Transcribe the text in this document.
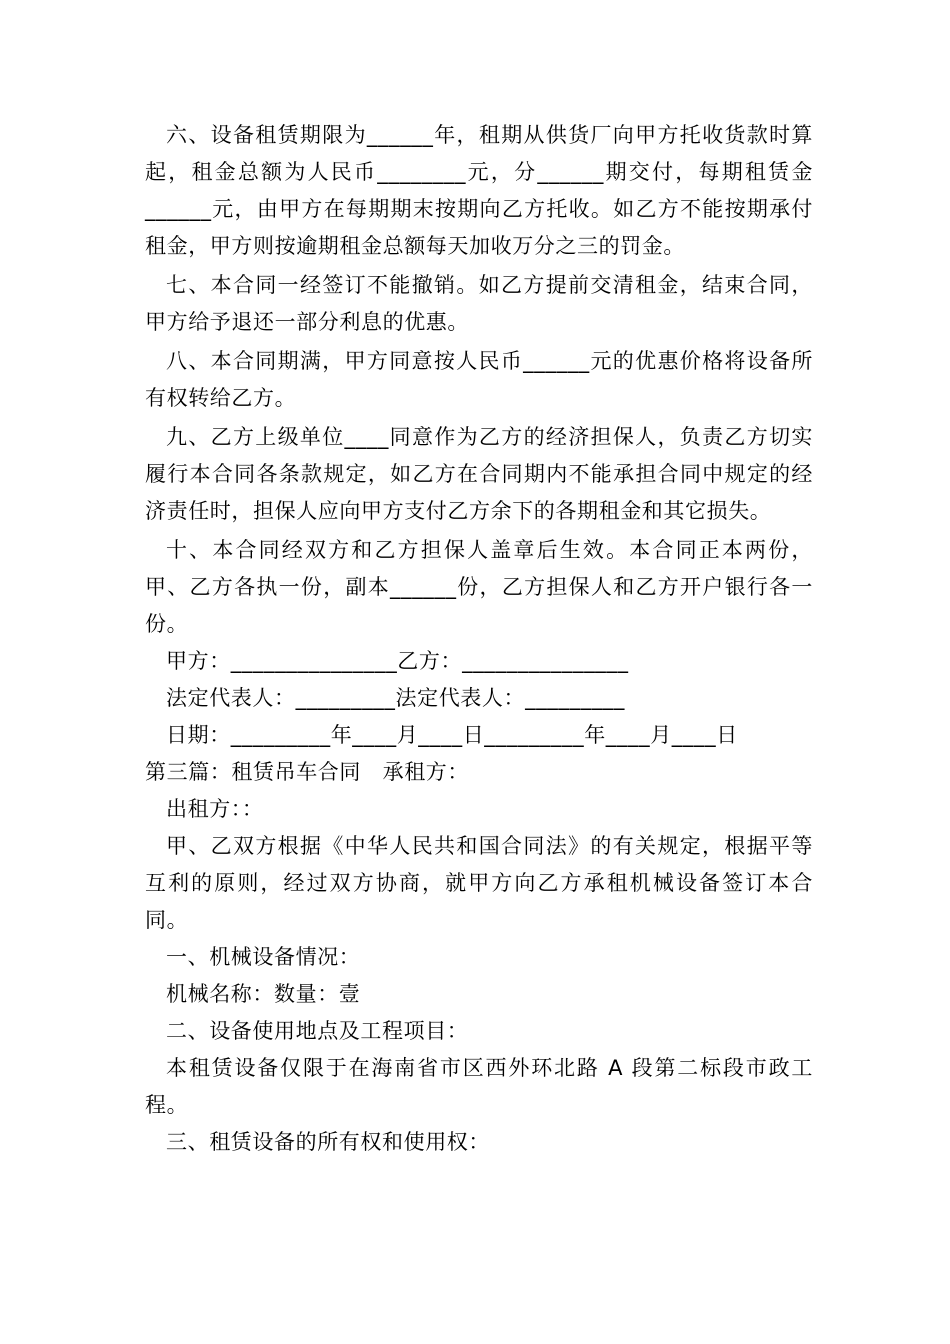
六、设备租赁期限为______年，租期从供货厂向甲方托收货款时算起，租金总额为人民币________元，分______期交付，每期租赁金______元，由甲方在每期期末按期向乙方托收。如乙方不能按期承付租金，甲方则按逾期租金总额每天加收万分之三的罚金。

七、本合同一经签订不能撤销。如乙方提前交清租金，结束合同，甲方给予退还一部分利息的优惠。

八、本合同期满，甲方同意按人民币______元的优惠价格将设备所有权转给乙方。

九、乙方上级单位____同意作为乙方的经济担保人，负责乙方切实履行本合同各条款规定，如乙方在合同期内不能承担合同中规定的经济责任时，担保人应向甲方支付乙方余下的各期租金和其它损失。

十、本合同经双方和乙方担保人盖章后生效。本合同正本两份，甲、乙方各执一份，副本______份，乙方担保人和乙方开户银行各一份。

甲方：_______________乙方：_______________

法定代表人：_________法定代表人：_________

日期：_________年____月____日_________年____月____日

第三篇：租赁吊车合同　承租方：

出租方：：

甲、乙双方根据《中华人民共和国合同法》的有关规定，根据平等互利的原则，经过双方协商，就甲方向乙方承租机械设备签订本合同。

一、机械设备情况：

机械名称：数量：壹

二、设备使用地点及工程项目：

本租赁设备仅限于在海南省市区西外环北路 A 段第二标段市政工程。

三、租赁设备的所有权和使用权：
